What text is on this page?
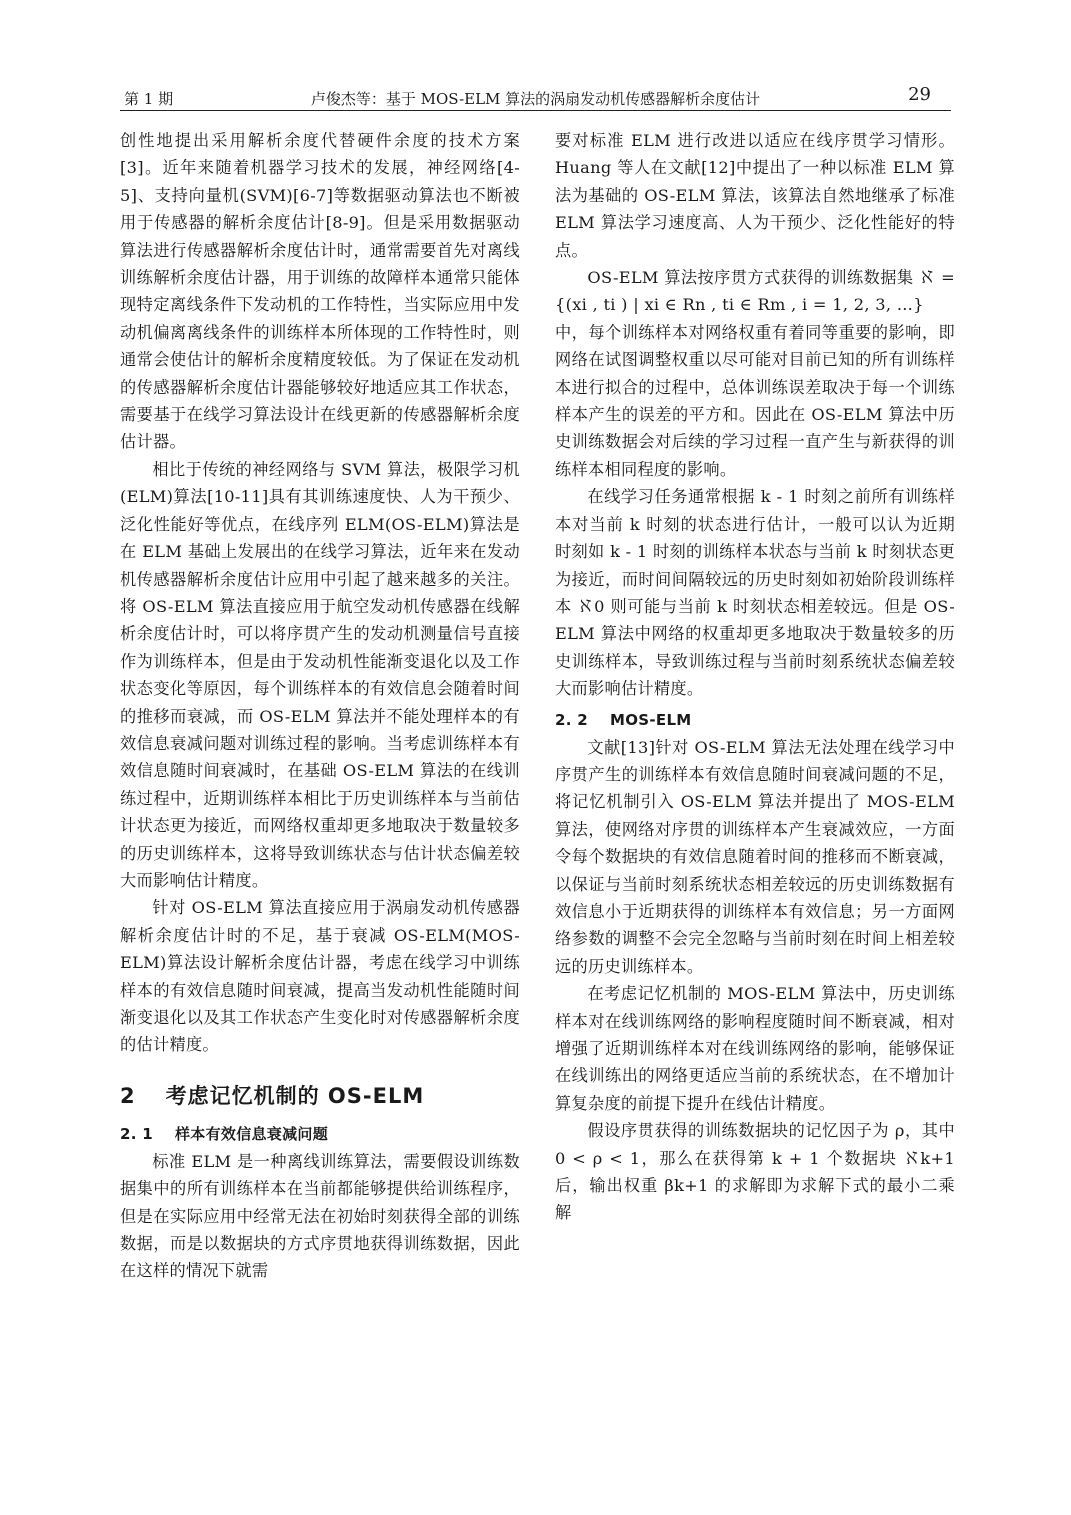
第 1 期	卢俊杰等：基于 MOS-ELM 算法的涡扇发动机传感器解析余度估计	29

创性地提出采用解析余度代替硬件余度的技术方案[3]。近年来随着机器学习技术的发展，神经网络[4-5]、支持向量机(SVM)[6-7]等数据驱动算法也不断被用于传感器的解析余度估计[8-9]。但是采用数据驱动算法进行传感器解析余度估计时，通常需要首先对离线训练解析余度估计器，用于训练的故障样本通常只能体现特定离线条件下发动机的工作特性，当实际应用中发动机偏离离线条件的训练样本所体现的工作特性时，则通常会使估计的解析余度精度较低。为了保证在发动机的传感器解析余度估计器能够较好地适应其工作状态，需要基于在线学习算法设计在线更新的传感器解析余度估计器。

相比于传统的神经网络与 SVM 算法，极限学习机(ELM)算法[10-11]具有其训练速度快、人为干预少、泛化性能好等优点，在线序列 ELM(OS-ELM)算法是在 ELM 基础上发展出的在线学习算法，近年来在发动机传感器解析余度估计应用中引起了越来越多的关注。将 OS-ELM 算法直接应用于航空发动机传感器在线解析余度估计时，可以将序贯产生的发动机测量信号直接作为训练样本，但是由于发动机性能渐变退化以及工作状态变化等原因，每个训练样本的有效信息会随着时间的推移而衰减，而 OS-ELM 算法并不能处理样本的有效信息衰减问题对训练过程的影响。当考虑训练样本有效信息随时间衰减时，在基础 OS-ELM 算法的在线训练过程中，近期训练样本相比于历史训练样本与当前估计状态更为接近，而网络权重却更多地取决于数量较多的历史训练样本，这将导致训练状态与估计状态偏差较大而影响估计精度。

针对 OS-ELM 算法直接应用于涡扇发动机传感器解析余度估计时的不足，基于衰减 OS-ELM(MOS-ELM)算法设计解析余度估计器，考虑在线学习中训练样本的有效信息随时间衰减，提高当发动机性能随时间渐变退化以及其工作状态产生变化时对传感器解析余度的估计精度。

2 考虑记忆机制的 OS-ELM
2. 1 样本有效信息衰减问题

标准 ELM 是一种离线训练算法，需要假设训练数据集中的所有训练样本在当前都能够提供给训练程序，但是在实际应用中经常无法在初始时刻获得全部的训练数据，而是以数据块的方式序贯地获得训练数据，因此在这样的情况下就需

要对标准 ELM 进行改进以适应在线序贯学习情形。Huang 等人在文献[12]中提出了一种以标准 ELM 算法为基础的 OS-ELM 算法，该算法自然地继承了标准 ELM 算法学习速度高、人为干预少、泛化性能好的特点。

OS-ELM 算法按序贯方式获得的训练数据集 ℵ = {(xi , ti ) | xi ∈ Rn , ti ∈ Rm , i = 1, 2, 3, …}

中，每个训练样本对网络权重有着同等重要的影响，即网络在试图调整权重以尽可能对目前已知的所有训练样本进行拟合的过程中，总体训练误差取决于每一个训练样本产生的误差的平方和。因此在 OS-ELM 算法中历史训练数据会对后续的学习过程一直产生与新获得的训练样本相同程度的影响。

在线学习任务通常根据 k - 1 时刻之前所有训练样本对当前 k 时刻的状态进行估计，一般可以认为近期时刻如 k - 1 时刻的训练样本状态与当前 k 时刻状态更为接近，而时间间隔较远的历史时刻如初始阶段训练样本 ℵ0 则可能与当前 k 时刻状态相差较远。但是 OS-ELM 算法中网络的权重却更多地取决于数量较多的历史训练样本，导致训练过程与当前时刻系统状态偏差较大而影响估计精度。

2. 2 MOS-ELM

文献[13]针对 OS-ELM 算法无法处理在线学习中序贯产生的训练样本有效信息随时间衰减问题的不足，将记忆机制引入 OS-ELM 算法并提出了 MOS-ELM 算法，使网络对序贯的训练样本产生衰减效应，一方面令每个数据块的有效信息随着时间的推移而不断衰减，以保证与当前时刻系统状态相差较远的历史训练数据有效信息小于近期获得的训练样本有效信息；另一方面网络参数的调整不会完全忽略与当前时刻在时间上相差较远的历史训练样本。

在考虑记忆机制的 MOS-ELM 算法中，历史训练样本对在线训练网络的影响程度随时间不断衰减，相对增强了近期训练样本对在线训练网络的影响，能够保证在线训练出的网络更适应当前的系统状态，在不增加计算复杂度的前提下提升在线估计精度。

假设序贯获得的训练数据块的记忆因子为 ρ，其中 0 < ρ < 1，那么在获得第 k + 1 个数据块 ℵk+1 后，输出权重 βk+1 的求解即为求解下式的最小二乘解
